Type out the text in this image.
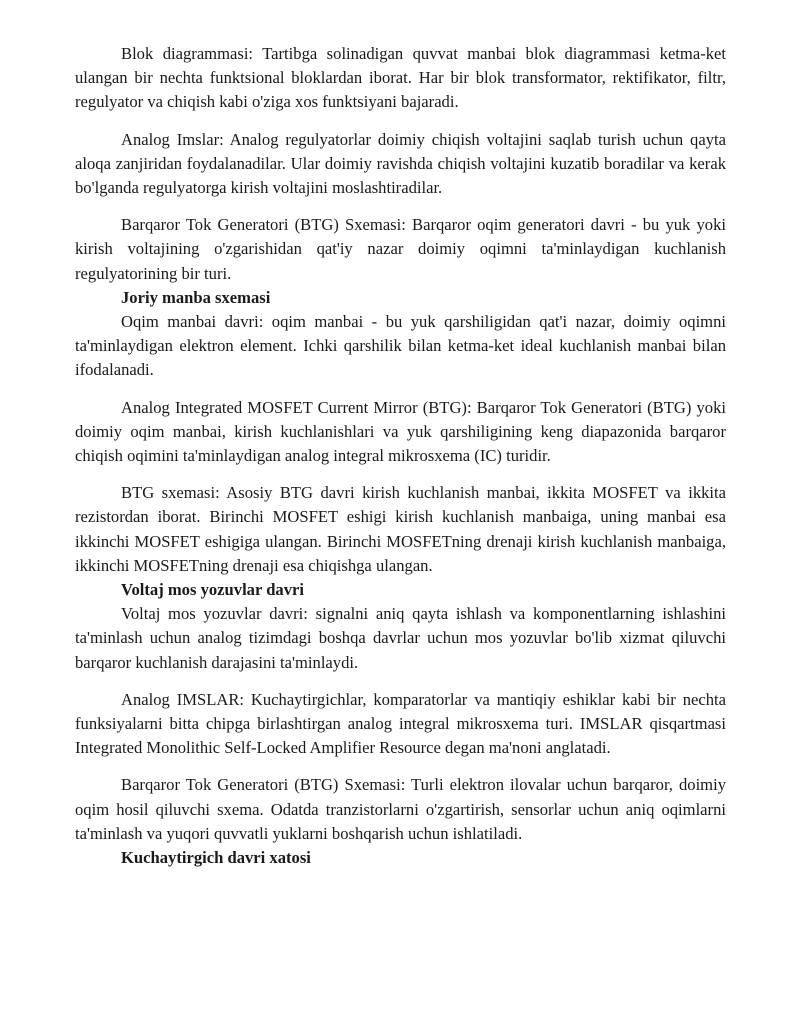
Blok diagrammasi: Tartibga solinadigan quvvat manbai blok diagrammasi ketma-ket ulangan bir nechta funktsional bloklardan iborat. Har bir blok transformator, rektifikator, filtr, regulyator va chiqish kabi o'ziga xos funktsiyani bajaradi.

Analog Imslar: Analog regulyatorlar doimiy chiqish voltajini saqlab turish uchun qayta aloqa zanjiridan foydalanadilar. Ular doimiy ravishda chiqish voltajini kuzatib boradilar va kerak bo'lganda regulyatorga kirish voltajini moslashtiradilar.

Barqaror Tok Generatori (BTG) Sxemasi: Barqaror oqim generatori davri - bu yuk yoki kirish voltajining o'zgarishidan qat'iy nazar doimiy oqimni ta'minlaydigan kuchlanish regulyatorining bir turi.

Joriy manba sxemasi

Oqim manbai davri: oqim manbai - bu yuk qarshiligidan qat'i nazar, doimiy oqimni ta'minlaydigan elektron element. Ichki qarshilik bilan ketma-ket ideal kuchlanish manbai bilan ifodalanadi.

Analog Integrated MOSFET Current Mirror (BTG): Barqaror Tok Generatori (BTG) yoki doimiy oqim manbai, kirish kuchlanishlari va yuk qarshiligining keng diapazonida barqaror chiqish oqimini ta'minlaydigan analog integral mikrosxema (IC) turidir.

BTG sxemasi: Asosiy BTG davri kirish kuchlanish manbai, ikkita MOSFET va ikkita rezistordan iborat. Birinchi MOSFET eshigi kirish kuchlanish manbaiga, uning manbai esa ikkinchi MOSFET eshigiga ulangan. Birinchi MOSFETning drenaji kirish kuchlanish manbaiga, ikkinchi MOSFETning drenaji esa chiqishga ulangan.

Voltaj mos yozuvlar davri

Voltaj mos yozuvlar davri: signalni aniq qayta ishlash va komponentlarning ishlashini ta'minlash uchun analog tizimdagi boshqa davrlar uchun mos yozuvlar bo'lib xizmat qiluvchi barqaror kuchlanish darajasini ta'minlaydi.

Analog IMSLAR: Kuchaytirgichlar, komparatorlar va mantiqiy eshiklar kabi bir nechta funksiyalarni bitta chipga birlashtirgan analog integral mikrosxema turi. IMSLAR qisqartmasi Integrated Monolithic Self-Locked Amplifier Resource degan ma'noni anglatadi.

Barqaror Tok Generatori (BTG) Sxemasi: Turli elektron ilovalar uchun barqaror, doimiy oqim hosil qiluvchi sxema. Odatda tranzistorlarni o'zgartirish, sensorlar uchun aniq oqimlarni ta'minlash va yuqori quvvatli yuklarni boshqarish uchun ishlatiladi.

Kuchaytirgich davri xatosi
